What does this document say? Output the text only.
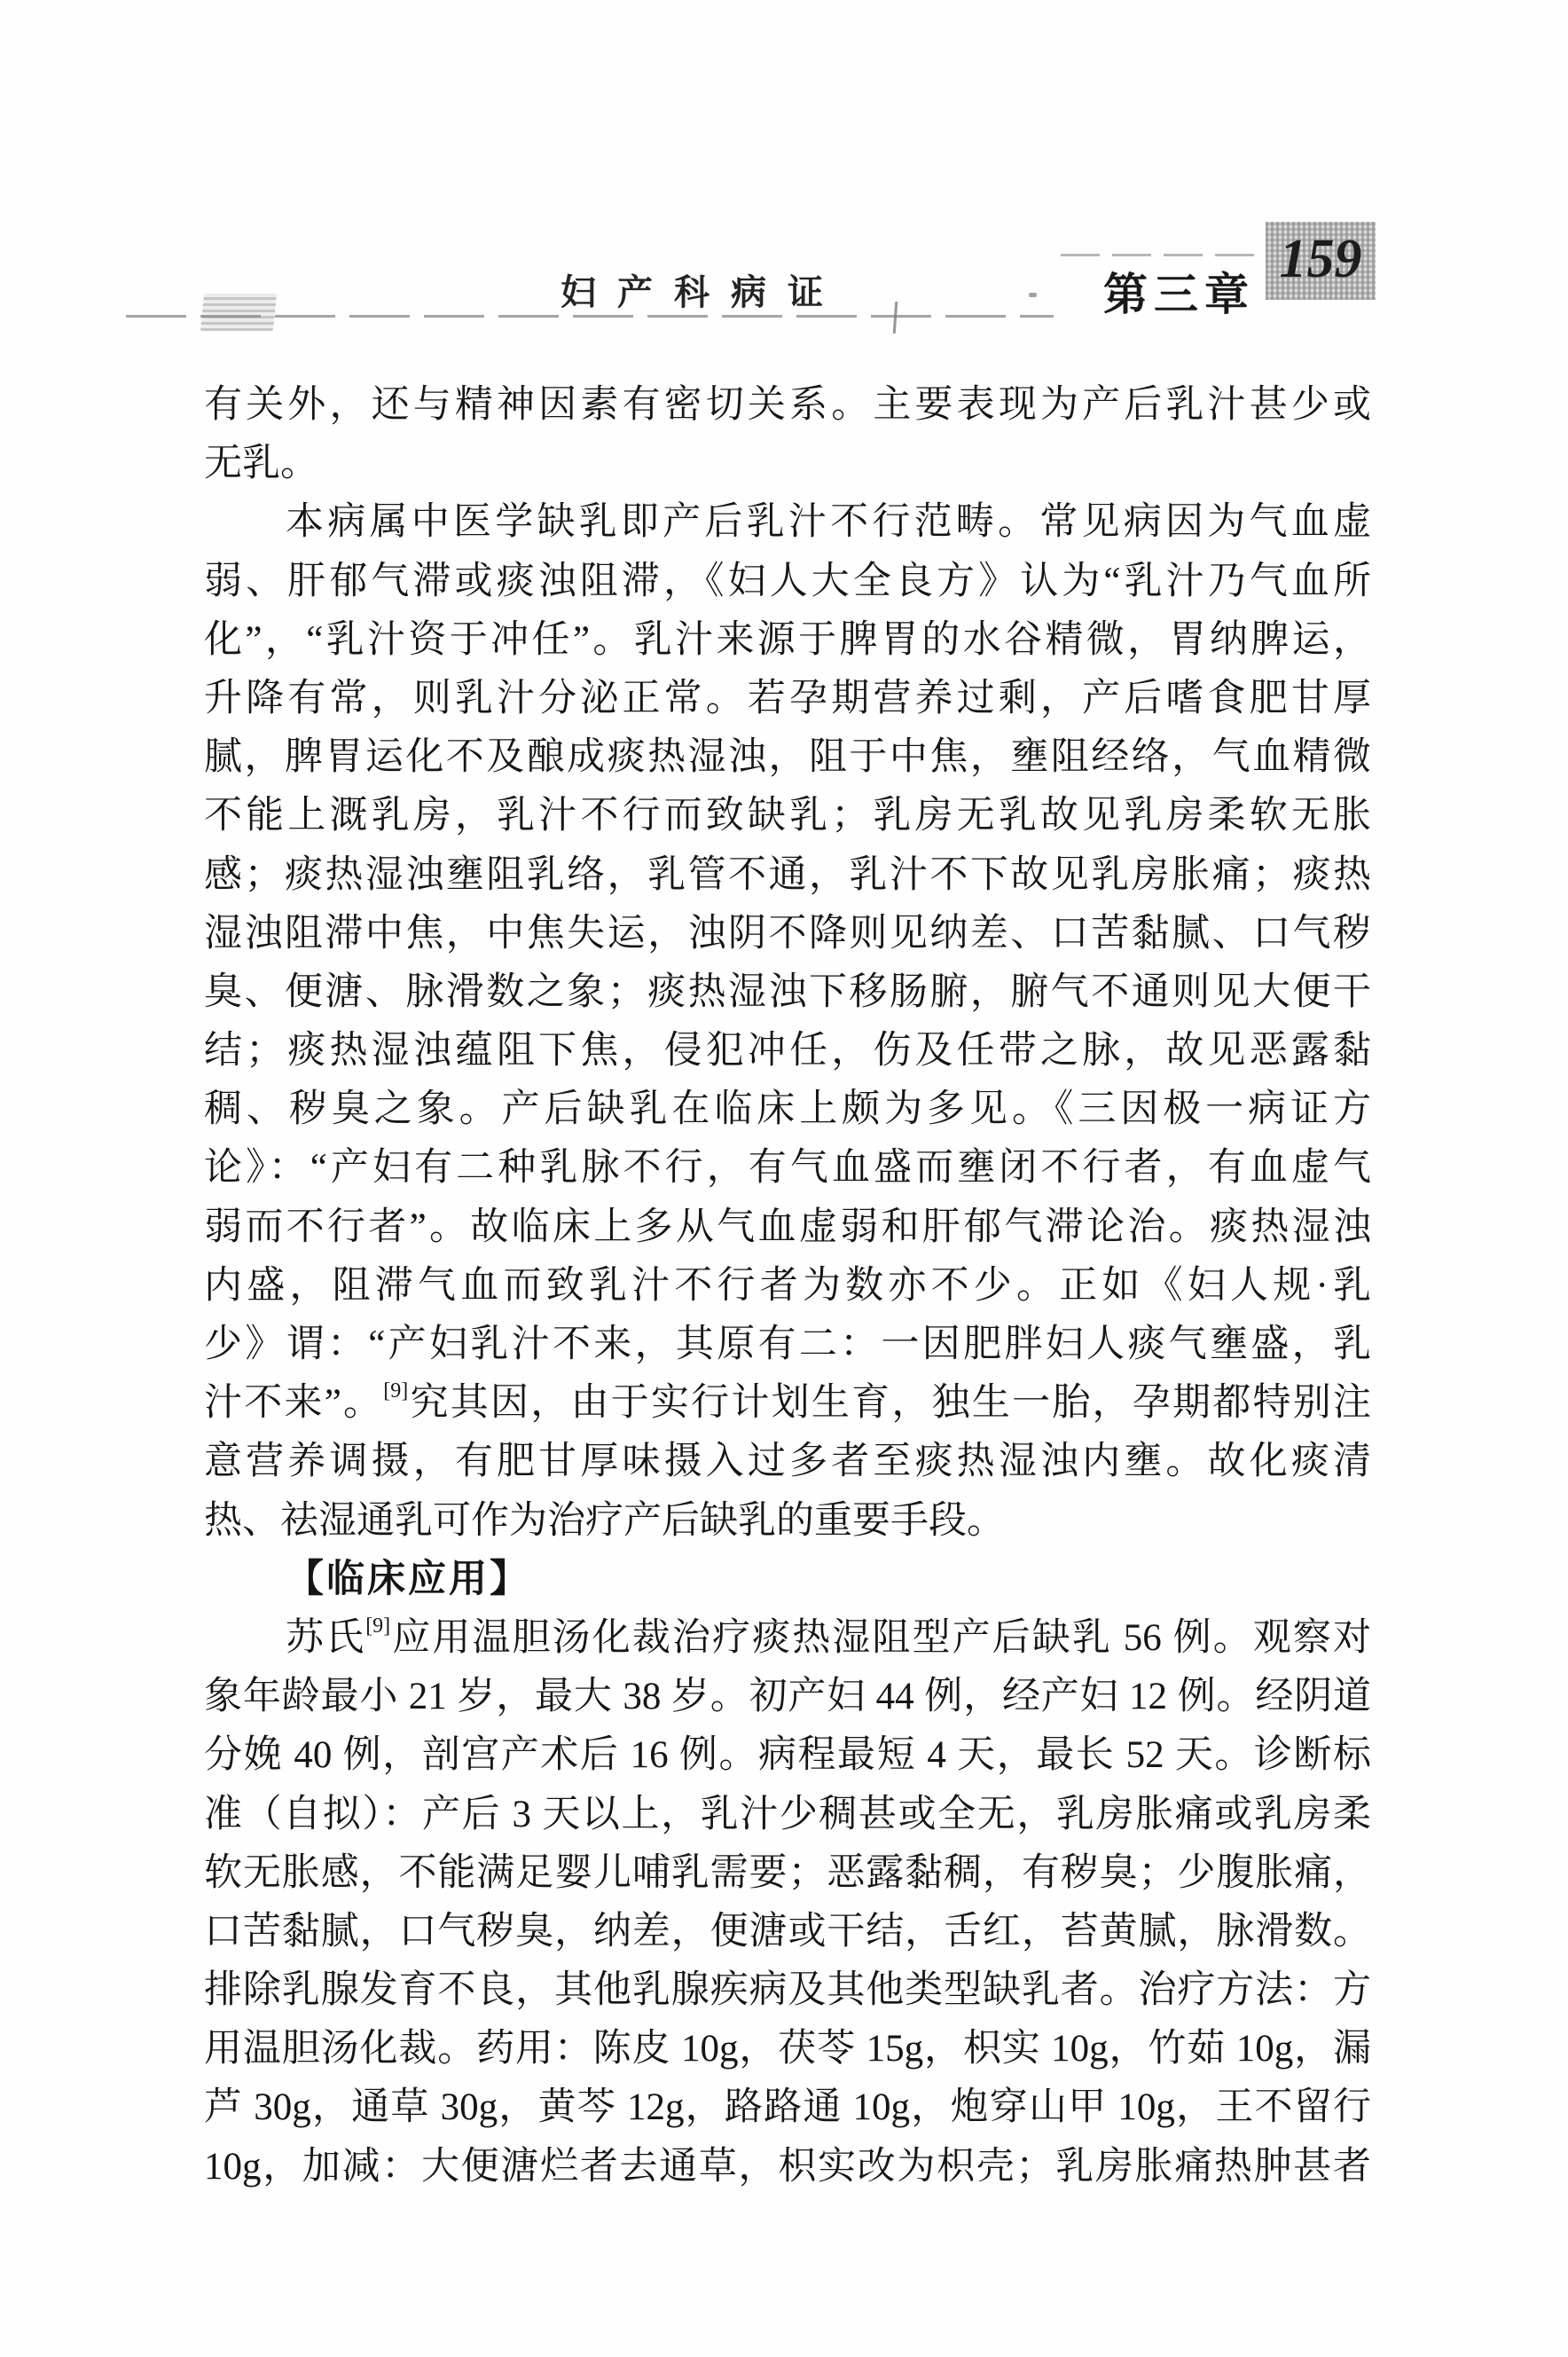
妇产科病证	第三章
159
有关外，还与精神因素有密切关系。主要表现为产后乳汁甚少或
无乳。
本病属中医学缺乳即产后乳汁不行范畴。常见病因为气血虚
弱、肝郁气滞或痰浊阻滞，《妇人大全良方》认为“乳汁乃气血所
化”，“乳汁资于冲任”。乳汁来源于脾胃的水谷精微，胃纳脾运，
升降有常，则乳汁分泌正常。若孕期营养过剩，产后嗜食肥甘厚
腻，脾胃运化不及酿成痰热湿浊，阻于中焦，壅阻经络，气血精微
不能上溉乳房，乳汁不行而致缺乳；乳房无乳故见乳房柔软无胀
感；痰热湿浊壅阻乳络，乳管不通，乳汁不下故见乳房胀痛；痰热
湿浊阻滞中焦，中焦失运，浊阴不降则见纳差、口苦黏腻、口气秽
臭、便溏、脉滑数之象；痰热湿浊下移肠腑，腑气不通则见大便干
结；痰热湿浊蕴阻下焦，侵犯冲任，伤及任带之脉，故见恶露黏
稠、秽臭之象。产后缺乳在临床上颇为多见。《三因极一病证方
论》：“产妇有二种乳脉不行，有气血盛而壅闭不行者，有血虚气
弱而不行者”。故临床上多从气血虚弱和肝郁气滞论治。痰热湿浊
内盛，阻滞气血而致乳汁不行者为数亦不少。正如《妇人规·乳
少》谓：“产妇乳汁不来，其原有二：一因肥胖妇人痰气壅盛，乳
汁不来”。[9]究其因，由于实行计划生育，独生一胎，孕期都特别注
意营养调摄，有肥甘厚味摄入过多者至痰热湿浊内壅。故化痰清
热、祛湿通乳可作为治疗产后缺乳的重要手段。
【临床应用】
苏氏[9]应用温胆汤化裁治疗痰热湿阻型产后缺乳 56 例。观察对
象年龄最小 21 岁，最大 38 岁。初产妇 44 例，经产妇 12 例。经阴道
分娩 40 例，剖宫产术后 16 例。病程最短 4 天，最长 52 天。诊断标
准（自拟）：产后 3 天以上，乳汁少稠甚或全无，乳房胀痛或乳房柔
软无胀感，不能满足婴儿哺乳需要；恶露黏稠，有秽臭；少腹胀痛，
口苦黏腻，口气秽臭，纳差，便溏或干结，舌红，苔黄腻，脉滑数。
排除乳腺发育不良，其他乳腺疾病及其他类型缺乳者。治疗方法：方
用温胆汤化裁。药用：陈皮 10g，茯苓 15g，枳实 10g，竹茹 10g，漏
芦 30g，通草 30g，黄芩 12g，路路通 10g，炮穿山甲 10g，王不留行
10g，加减：大便溏烂者去通草，枳实改为枳壳；乳房胀痛热肿甚者
